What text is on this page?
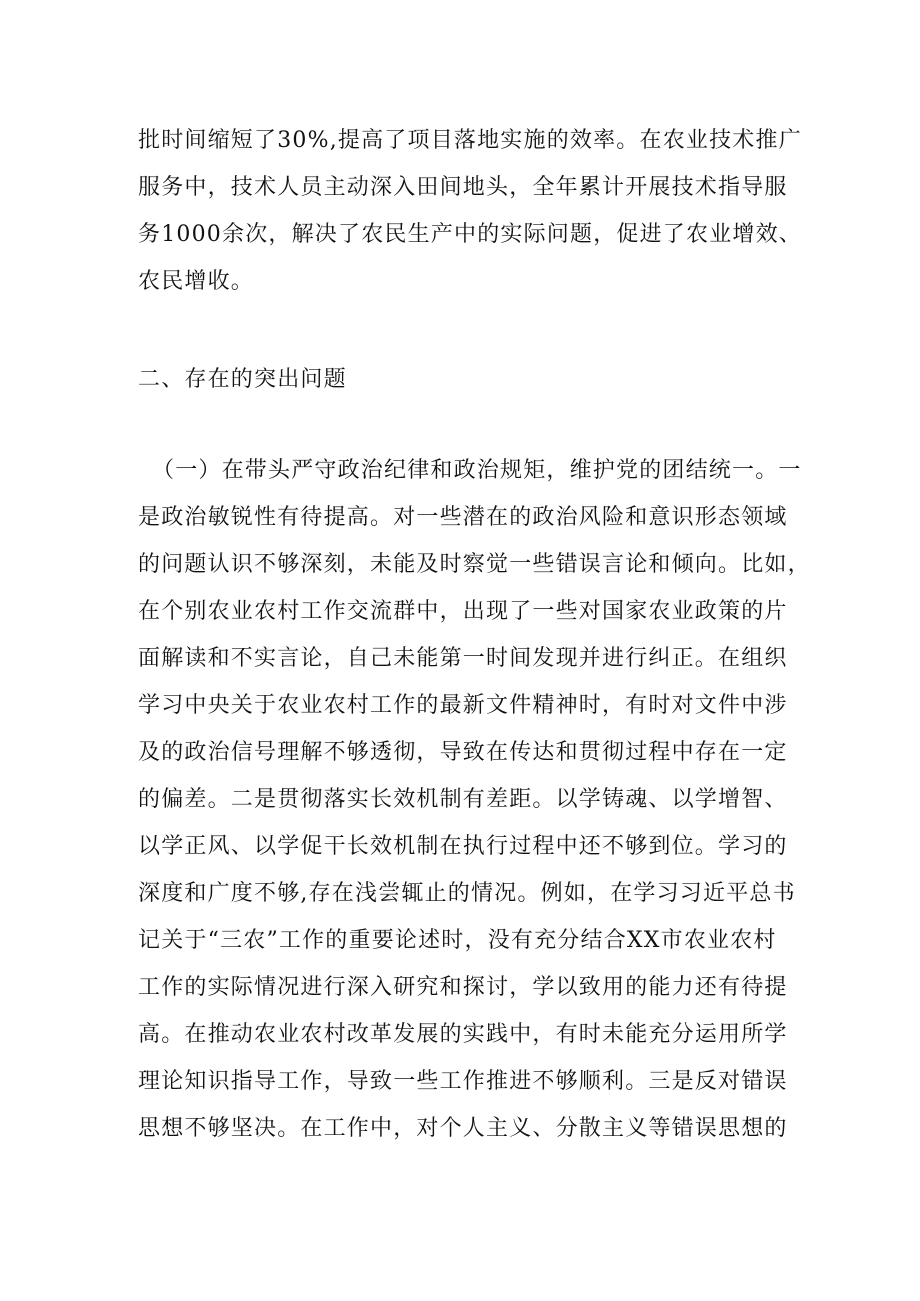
批时间缩短了30%,提高了项目落地实施的效率。在农业技术推广
服务中，技术人员主动深入田间地头，全年累计开展技术指导服
务1000余次，解决了农民生产中的实际问题，促进了农业增效、
农民增收。
二、存在的突出问题
（一）在带头严守政治纪律和政治规矩，维护党的团结统一。一
是政治敏锐性有待提高。对一些潜在的政治风险和意识形态领域
的问题认识不够深刻，未能及时察觉一些错误言论和倾向。比如，
在个别农业农村工作交流群中，出现了一些对国家农业政策的片
面解读和不实言论，自己未能第一时间发现并进行纠正。在组织
学习中央关于农业农村工作的最新文件精神时，有时对文件中涉
及的政治信号理解不够透彻，导致在传达和贯彻过程中存在一定
的偏差。二是贯彻落实长效机制有差距。以学铸魂、以学增智、
以学正风、以学促干长效机制在执行过程中还不够到位。学习的
深度和广度不够,存在浅尝辄止的情况。例如，在学习习近平总书
记关于“三农”工作的重要论述时，没有充分结合XX市农业农村
工作的实际情况进行深入研究和探讨，学以致用的能力还有待提
高。在推动农业农村改革发展的实践中，有时未能充分运用所学
理论知识指导工作，导致一些工作推进不够顺利。三是反对错误
思想不够坚决。在工作中，对个人主义、分散主义等错误思想的
